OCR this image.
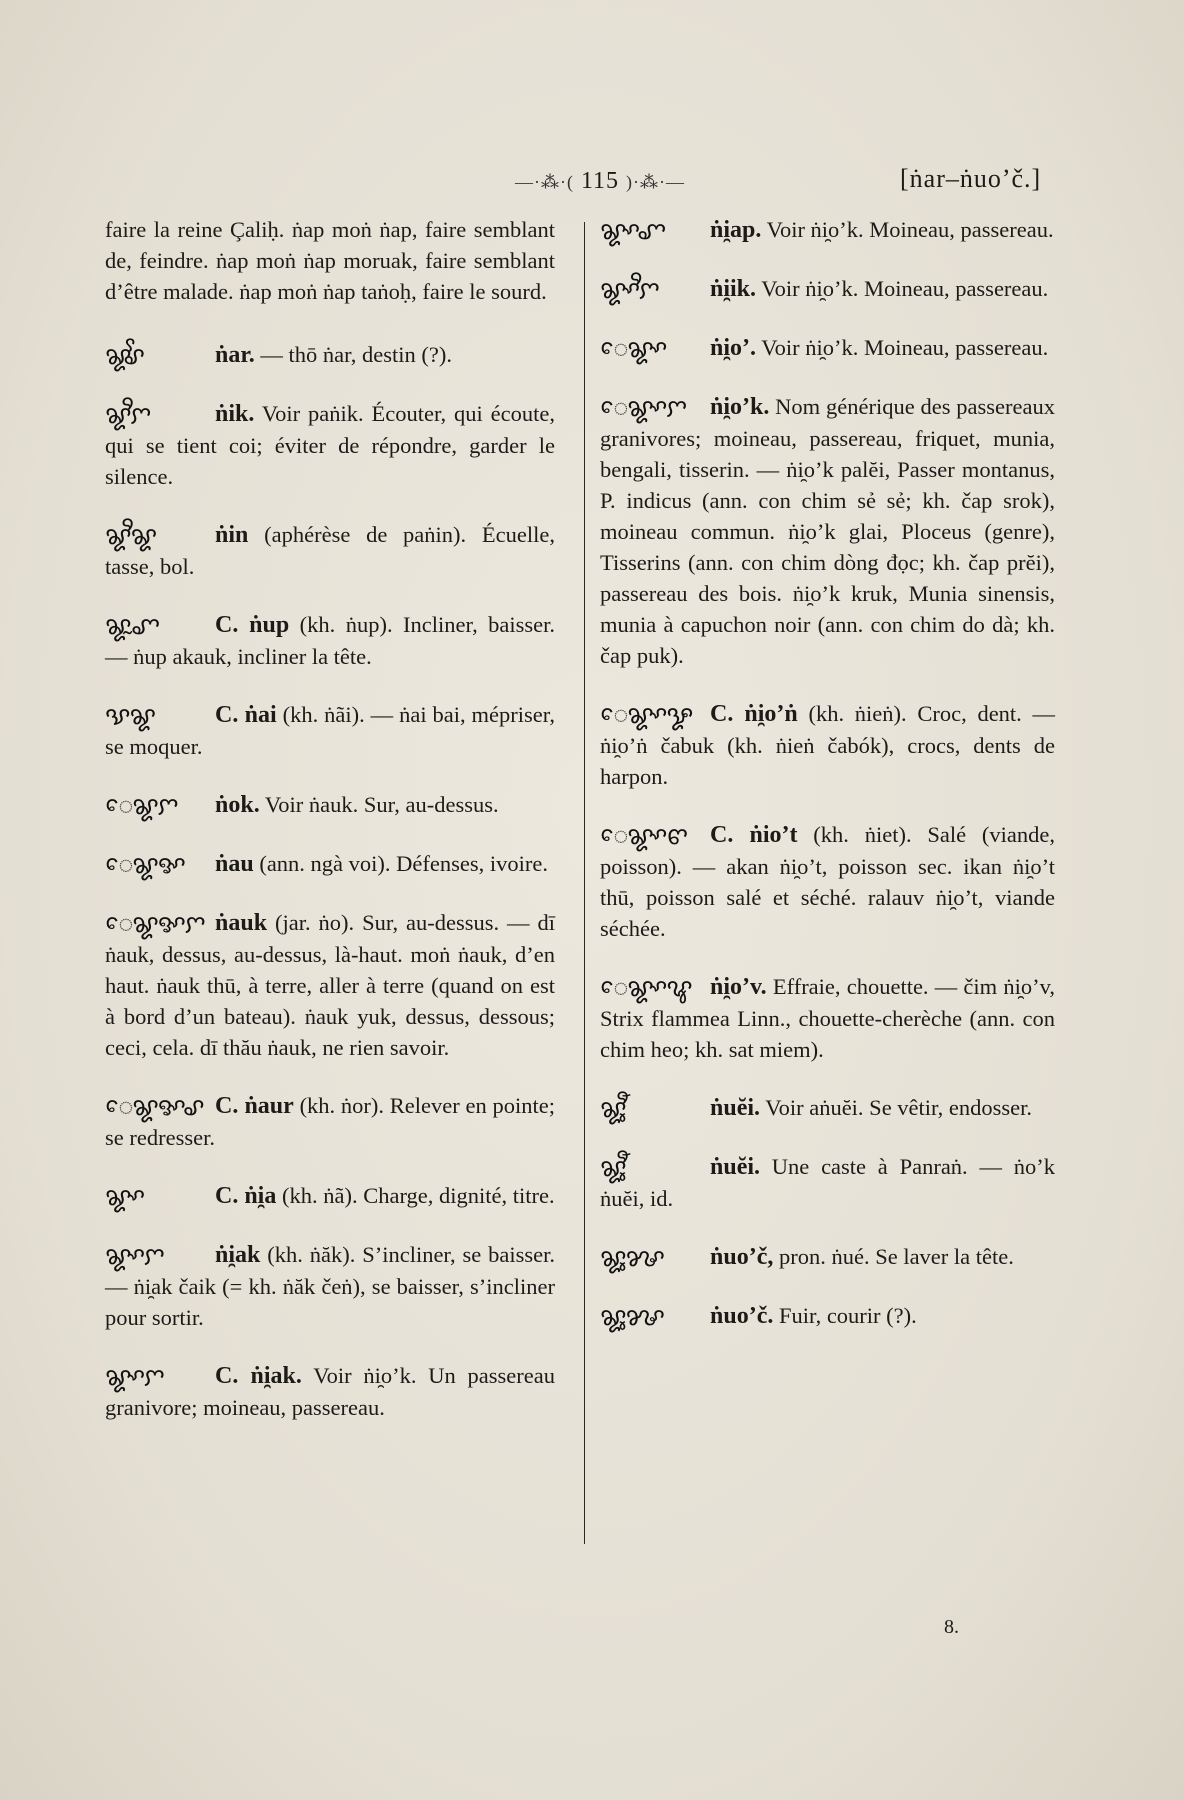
—·⁂·( 115 )·⁂·—	[ṅar–ṅuo’č.]

faire la reine Çaliḥ. ṅap moṅ ṅap, faire semblant de, feindre. ṅap moṅ ṅap moruak, faire semblant d’être malade. ṅap moṅ ṅap taṅoḥ, faire le sourd.

ꨘꨩꨣ	ṅar. — thō ṅar, destin (?).

ꨘꨪꨆ	ṅik. Voir paṅik. Écouter, qui écoute, qui se tient coi; éviter de répondre, garder le silence.

ꨘꨪꨘ ṅin (aphérèse de paṅin). Écuelle, tasse, bol.

ꨘꨭꨚ C. ṅup (kh. ṅup). Incliner, baisser. — ṅup akauk, incliner la tête.

ꨕꨘ C. ṅai (kh. ṅãi). — ṅai bai, mépriser, se moquer.

ꨯꨘꨆ ṅok. Voir ṅauk. Sur, au-dessus.

ꨯꨘꨀ ṅau (ann. ngà voi). Défenses, ivoire.

ꨯꨘꨀꨆ ṅauk (jar. ṅo). Sur, au-dessus. — dī ṅauk, dessus, au-dessus, là-haut. moṅ ṅauk, d’en haut. ṅauk thū, à terre, aller à terre (quand on est à bord d’un bateau). ṅauk yuk, dessus, dessous; ceci, cela. dī thău ṅauk, ne rien savoir.

ꨯꨘꨀꨣ C. ṅaur (kh. ṅor). Relever en pointe; se redresser.

ꨘꨳ	C. ṅi̯a (kh. ṅã). Charge, dignité, titre.

ꨘꨳꨆ ṅi̯ak (kh. ṅăk). S’incliner, se baisser. — ṅi̯ak čaik (= kh. ṅăk čeṅ), se baisser, s’incliner pour sortir.

ꨘꨳꨆ C. ṅi̯ak. Voir ṅi̯o’k. Un passereau granivore; moineau, passereau.

ꨘꨳꨚ ṅi̯ap. Voir ṅi̯o’k. Moineau, passereau.

ꨘꨳꨪꨆ ṅi̯ik. Voir ṅi̯o’k. Moineau, passereau.

ꨯꨘꨳ ṅi̯o’. Voir ṅi̯o’k. Moineau, passereau.

ꨯꨘꨳꨆ ṅi̯o’k. Nom générique des passereaux granivores; moineau, passereau, friquet, munia, bengali, tisserin. — ṅi̯o’k palĕi, Passer montanus, P. indicus (ann. con chim sẻ sẻ; kh. čap srok), moineau commun. ṅi̯o’k glai, Ploceus (genre), Tisserins (ann. con chim dòng đọc; kh. čap prĕi), passereau des bois. ṅi̯o’k kruk, Munia sinensis, munia à capuchon noir (ann. con chim do dà; kh. čap puk).

ꨯꨘꨳꨋ C. ṅi̯o’ṅ (kh. ṅieṅ). Croc, dent. — ṅi̯o’ṅ čabuk (kh. ṅieṅ čabók), crocs, dents de harpon.

ꨯꨘꨳꨓ C. ṅio’t (kh. ṅiet). Salé (viande, poisson). — akan ṅi̯o’t, poisson sec. ikan ṅi̯o’t thū, poisson salé et séché. ralauv ṅi̯o’t, viande séchée.

ꨯꨘꨳꨥ ṅi̯o’v. Effraie, chouette. — čim ṅi̯o’v, Strix flammea Linn., chouette-cherèche (ann. con chim heo; kh. sat miem).

ꨘꨶꨬ	ṅuĕi. Voir aṅuĕi. Se vêtir, endosser.

ꨘꨶꨬ	ṅuĕi. Une caste à Panraṅ. — ṅo’k ṅuĕi, id.

ꨘꨶꨍ ṅuo’č, pron. ṅué. Se laver la tête.

ꨘꨶꨍ ṅuo’č. Fuir, courir (?).

8.
